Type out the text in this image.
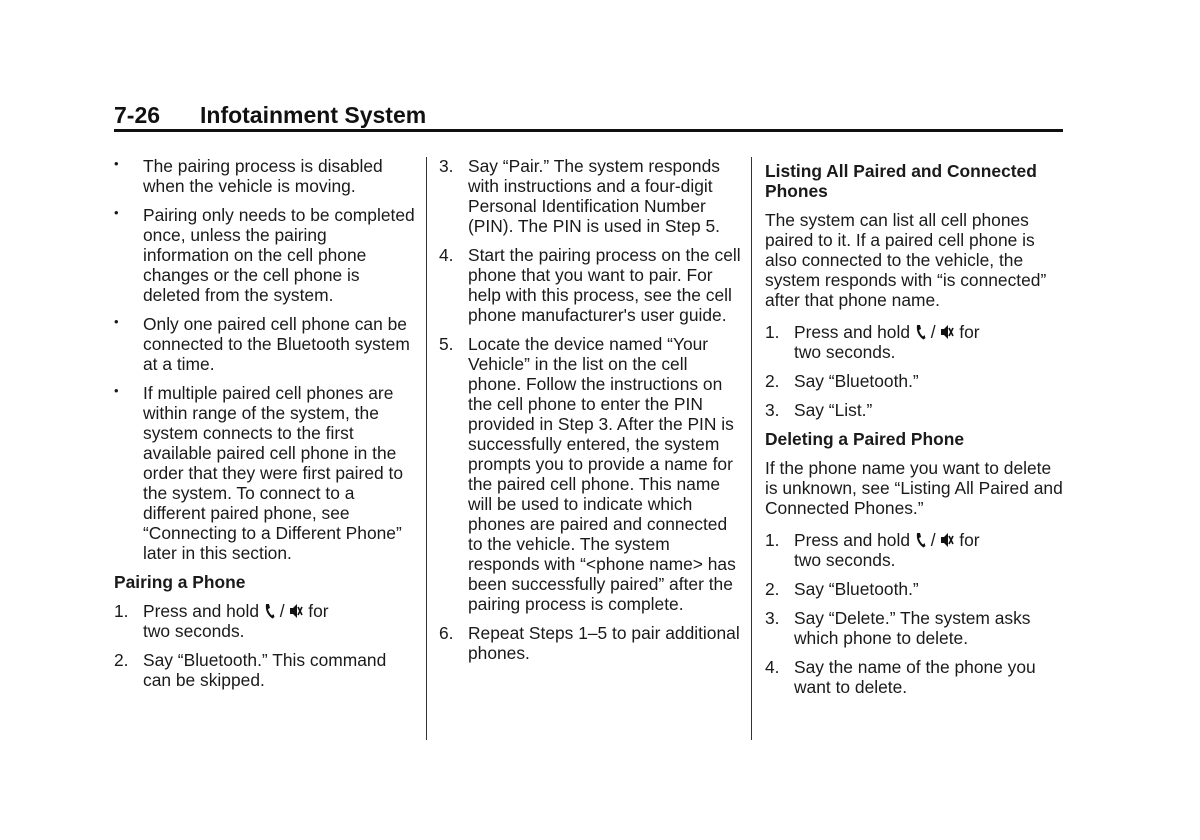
7-26 Infotainment System
• The pairing process is disabled when the vehicle is moving.
• Pairing only needs to be completed once, unless the pairing information on the cell phone changes or the cell phone is deleted from the system.
• Only one paired cell phone can be connected to the Bluetooth system at a time.
• If multiple paired cell phones are within range of the system, the system connects to the first available paired cell phone in the order that they were first paired to the system. To connect to a different paired phone, see “Connecting to a Different Phone” later in this section.
Pairing a Phone
1. Press and hold / for
two seconds.
2. Say “Bluetooth.” This command can be skipped.
3. Say “Pair.” The system responds with instructions and a four-digit Personal Identification Number (PIN). The PIN is used in Step 5.
4. Start the pairing process on the cell phone that you want to pair. For help with this process, see the cell phone manufacturer's user guide.
5. Locate the device named “Your Vehicle” in the list on the cell phone. Follow the instructions on the cell phone to enter the PIN provided in Step 3. After the PIN is successfully entered, the system prompts you to provide a name for the paired cell phone. This name will be used to indicate which phones are paired and connected to the vehicle. The system responds with “<phone name> has been successfully paired” after the pairing process is complete.
6. Repeat Steps 1–5 to pair additional phones.
Listing All Paired and Connected Phones
The system can list all cell phones paired to it. If a paired cell phone is also connected to the vehicle, the system responds with “is connected” after that phone name.
1. Press and hold / for
two seconds.
2. Say “Bluetooth.”
3. Say “List.”
Deleting a Paired Phone
If the phone name you want to delete is unknown, see “Listing All Paired and Connected Phones.”
1. Press and hold / for
two seconds.
2. Say “Bluetooth.”
3. Say “Delete.” The system asks which phone to delete.
4. Say the name of the phone you want to delete.
